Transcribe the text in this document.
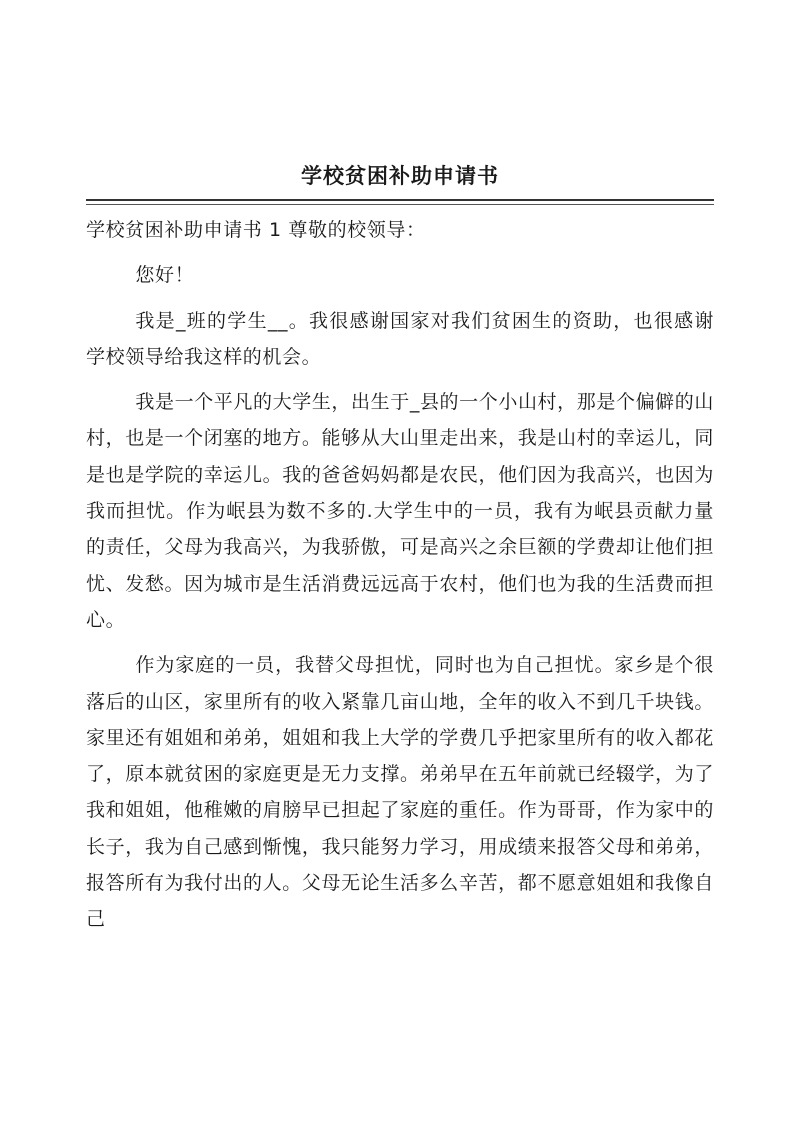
学校贫困补助申请书

学校贫困补助申请书 1 尊敬的校领导：

您好！

我是_班的学生__。我很感谢国家对我们贫困生的资助，也很感谢学校领导给我这样的机会。

我是一个平凡的大学生，出生于_县的一个小山村，那是个偏僻的山村，也是一个闭塞的地方。能够从大山里走出来，我是山村的幸运儿，同是也是学院的幸运儿。我的爸爸妈妈都是农民，他们因为我高兴，也因为我而担忧。作为岷县为数不多的.大学生中的一员，我有为岷县贡献力量的责任，父母为我高兴，为我骄傲，可是高兴之余巨额的学费却让他们担忧、发愁。因为城市是生活消费远远高于农村，他们也为我的生活费而担心。

作为家庭的一员，我替父母担忧，同时也为自己担忧。家乡是个很落后的山区，家里所有的收入紧靠几亩山地，全年的收入不到几千块钱。家里还有姐姐和弟弟，姐姐和我上大学的学费几乎把家里所有的收入都花了，原本就贫困的家庭更是无力支撑。弟弟早在五年前就已经辍学，为了我和姐姐，他稚嫩的肩膀早已担起了家庭的重任。作为哥哥，作为家中的长子，我为自己感到惭愧，我只能努力学习，用成绩来报答父母和弟弟，报答所有为我付出的人。父母无论生活多么辛苦，都不愿意姐姐和我像自己
